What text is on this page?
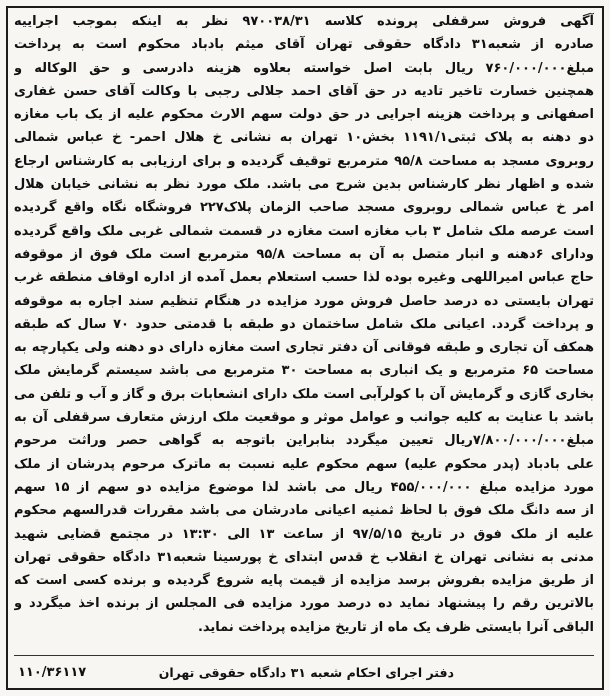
آگهی فروش سرقفلی پرونده کلاسه ۹۷۰۰۳۸/۳۱ نظر به اینکه بموجب اجراییه
صادره از شعبه۳۱ دادگاه حقوقی تهران آقای میثم بادباد محکوم است به پرداخت
مبلغ۷۶۰/۰۰۰/۰۰۰ ریال بابت اصل خواسته بعلاوه هزینه دادرسی و حق الوکاله و
همچنین خسارت تاخیر تادیه در حق آقای احمد جلالی رجبی با وکالت آقای حسن غفاری
اصفهانی و پرداخت هزینه اجرایی در حق دولت سهم الارث محکوم علیه از یک باب مغازه
دو دهنه به پلاک ثبتی۱۱۹۱/۱ بخش۱۰ تهران به نشانی خ هلال احمر- خ عباس شمالی
روبروی مسجد به مساحت ۹۵/۸ مترمربع توقیف گردیده و برای ارزیابی به کارشناس ارجاع
شده و اظهار نظر کارشناس بدین شرح می باشد. ملک مورد نظر به نشانی خیابان هلال
امر خ عباس شمالی روبروی مسجد صاحب الزمان پلاک۲۲۷ فروشگاه نگاه واقع گردیده
است عرصه ملک شامل ۳ باب مغازه است مغازه در قسمت شمالی غربی ملک واقع گردیده
ودارای ۶دهنه و انبار متصل به آن به مساحت ۹۵/۸ مترمربع است ملک فوق از موقوفه
حاج عباس امیراللهی وغیره بوده لذا حسب استعلام بعمل آمده از اداره اوقاف منطقه غرب
تهران بایستی ده درصد حاصل فروش مورد مزایده در هنگام تنظیم سند اجاره به موقوفه
و پرداخت گردد. اعیانی ملک شامل ساختمان دو طبقه با قدمتی حدود ۷۰ سال که طبقه
همکف آن تجاری و طبقه فوقانی آن دفتر تجاری است مغازه دارای دو دهنه ولی یکپارچه به
مساحت ۶۵ مترمربع و یک انباری به مساحت ۳۰ مترمربع می باشد سیستم گرمایش ملک
بخاری گازی و گرمایش آن با کولرآبی است ملک دارای انشعابات برق و گاز و آب و تلفن می
باشد با عنایت به کلیه جوانب و عوامل موثر و موقعیت ملک ارزش متعارف سرقفلی آن به
مبلغ۷/۸۰۰/۰۰۰/۰۰۰ریال تعیین میگردد بنابراین باتوجه به گواهی حصر وراثت مرحوم
علی بادباد (پدر محکوم علیه) سهم محکوم علیه نسبت به ماترک مرحوم پدرشان از ملک
مورد مزایده مبلغ ۴۵۵/۰۰۰/۰۰۰ ریال می باشد لذا موضوع مزایده دو سهم از ۱۵ سهم
از سه دانگ ملک فوق با لحاظ ثمنیه اعیانی مادرشان می باشد مقررات قدرالسهم محکوم
علیه از ملک فوق در تاریخ ۹۷/۵/۱۵ از ساعت ۱۳ الی ۱۳:۳۰ در مجتمع قضایی شهید
مدنی به نشانی تهران خ انقلاب خ قدس ابتدای خ پورسینا شعبه۳۱ دادگاه حقوقی تهران
از طریق مزایده بفروش برسد مزایده از قیمت پایه شروع گردیده و برنده کسی است که
بالاترین رقم را پیشنهاد نماید ده درصد مورد مزایده فی المجلس از برنده اخذ میگردد و
الباقی آنرا بایستی ظرف یک ماه از تاریخ مزایده پرداخت نماید.
دفتر اجرای احکام شعبه ۳۱ دادگاه حقوقی تهران
۱۱۰/۳۶۱۱۷
